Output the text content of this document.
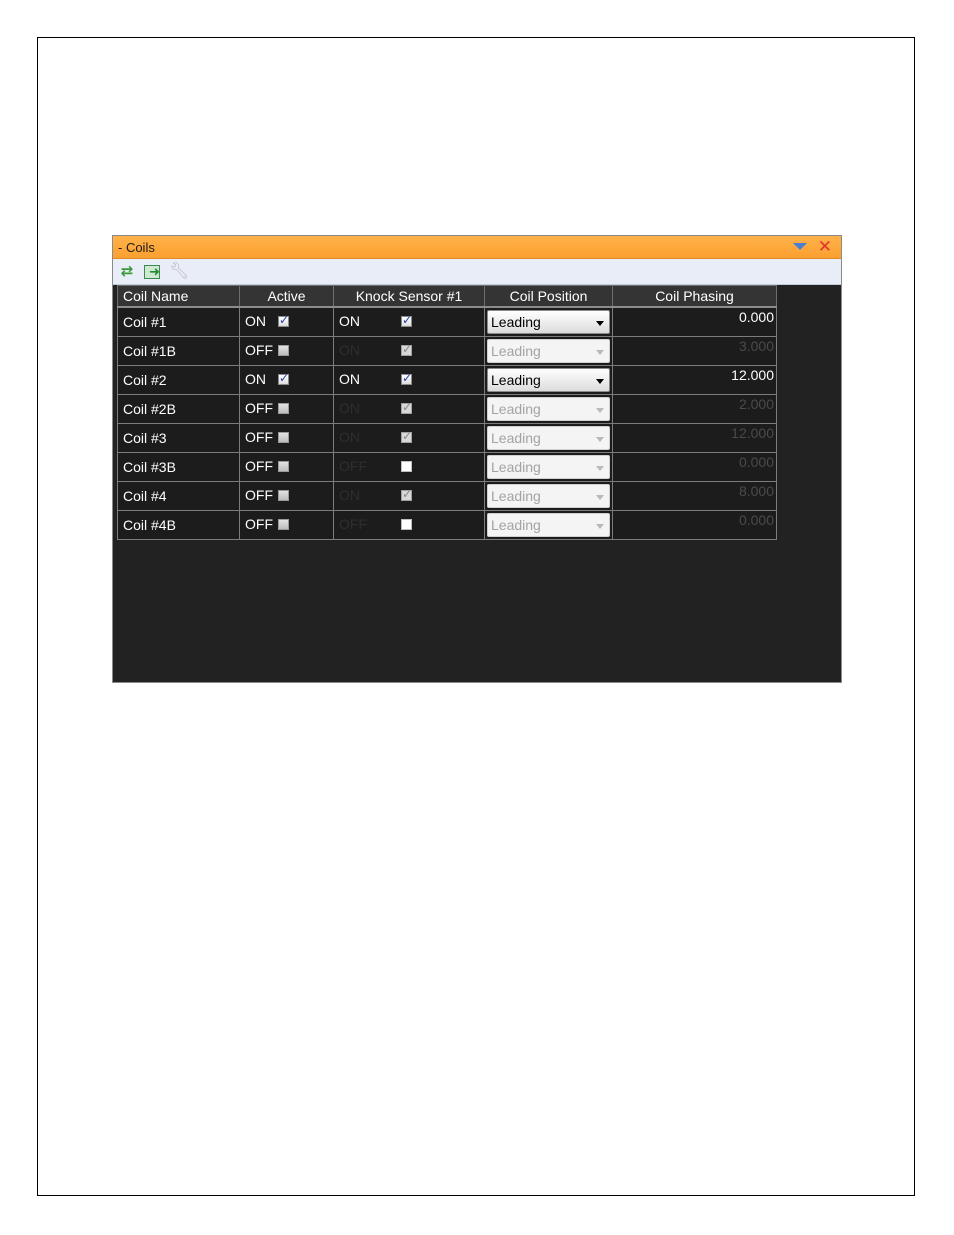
- Coils	✕
⇄ ➜ 🔧︎
Coil Name	Active	Knock Sensor #1	Coil Position	Coil Phasing
Coil #1	ON ✓	ON ✓	Leading	0.000

Coil #1B	OFF	ON ✓	Leading	3.000

Coil #2	ON ✓	ON ✓	Leading	12.000

Coil #2B	OFF	ON ✓	Leading	2.000

Coil #3	OFF	ON ✓	Leading	12.000

Coil #3B	OFF	OFF	Leading	0.000

Coil #4	OFF	ON ✓	Leading	8.000

Coil #4B	OFF	OFF	Leading	0.000
